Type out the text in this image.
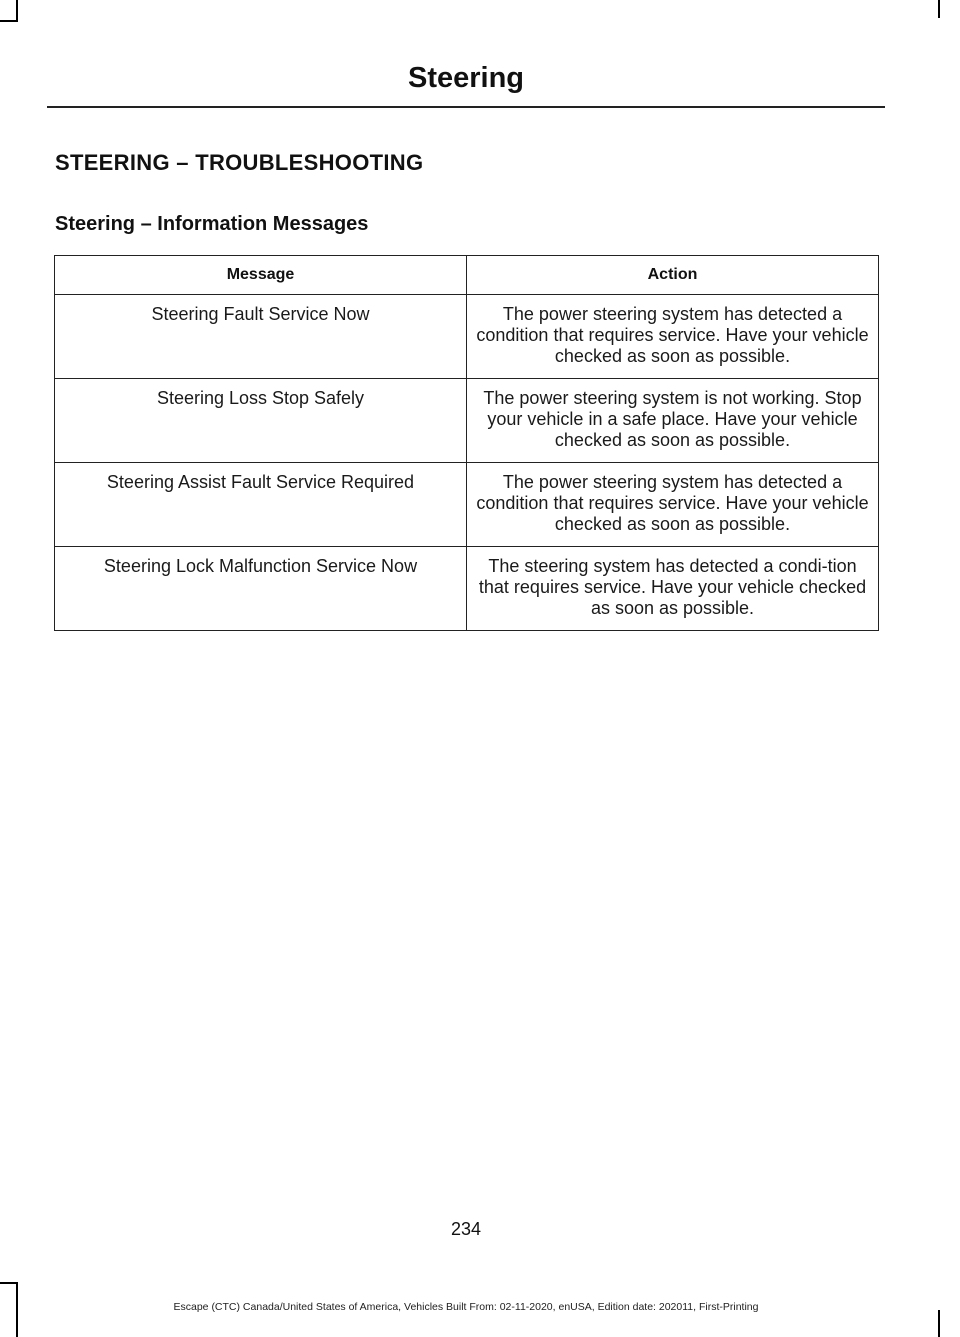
Steering
STEERING – TROUBLESHOOTING
Steering – Information Messages
Message	Action
Steering Fault Service Now	The power steering system has detected a condition that requires service. Have your vehicle checked as soon as possible.
Steering Loss Stop Safely	The power steering system is not working. Stop your vehicle in a safe place. Have your vehicle checked as soon as possible.
Steering Assist Fault Service Required	The power steering system has detected a condition that requires service. Have your vehicle checked as soon as possible.
Steering Lock Malfunction Service Now	The steering system has detected a condi-tion that requires service. Have your vehicle checked as soon as possible.
234
Escape (CTC) Canada/United States of America, Vehicles Built From: 02-11-2020, enUSA, Edition date: 202011, First-Printing
